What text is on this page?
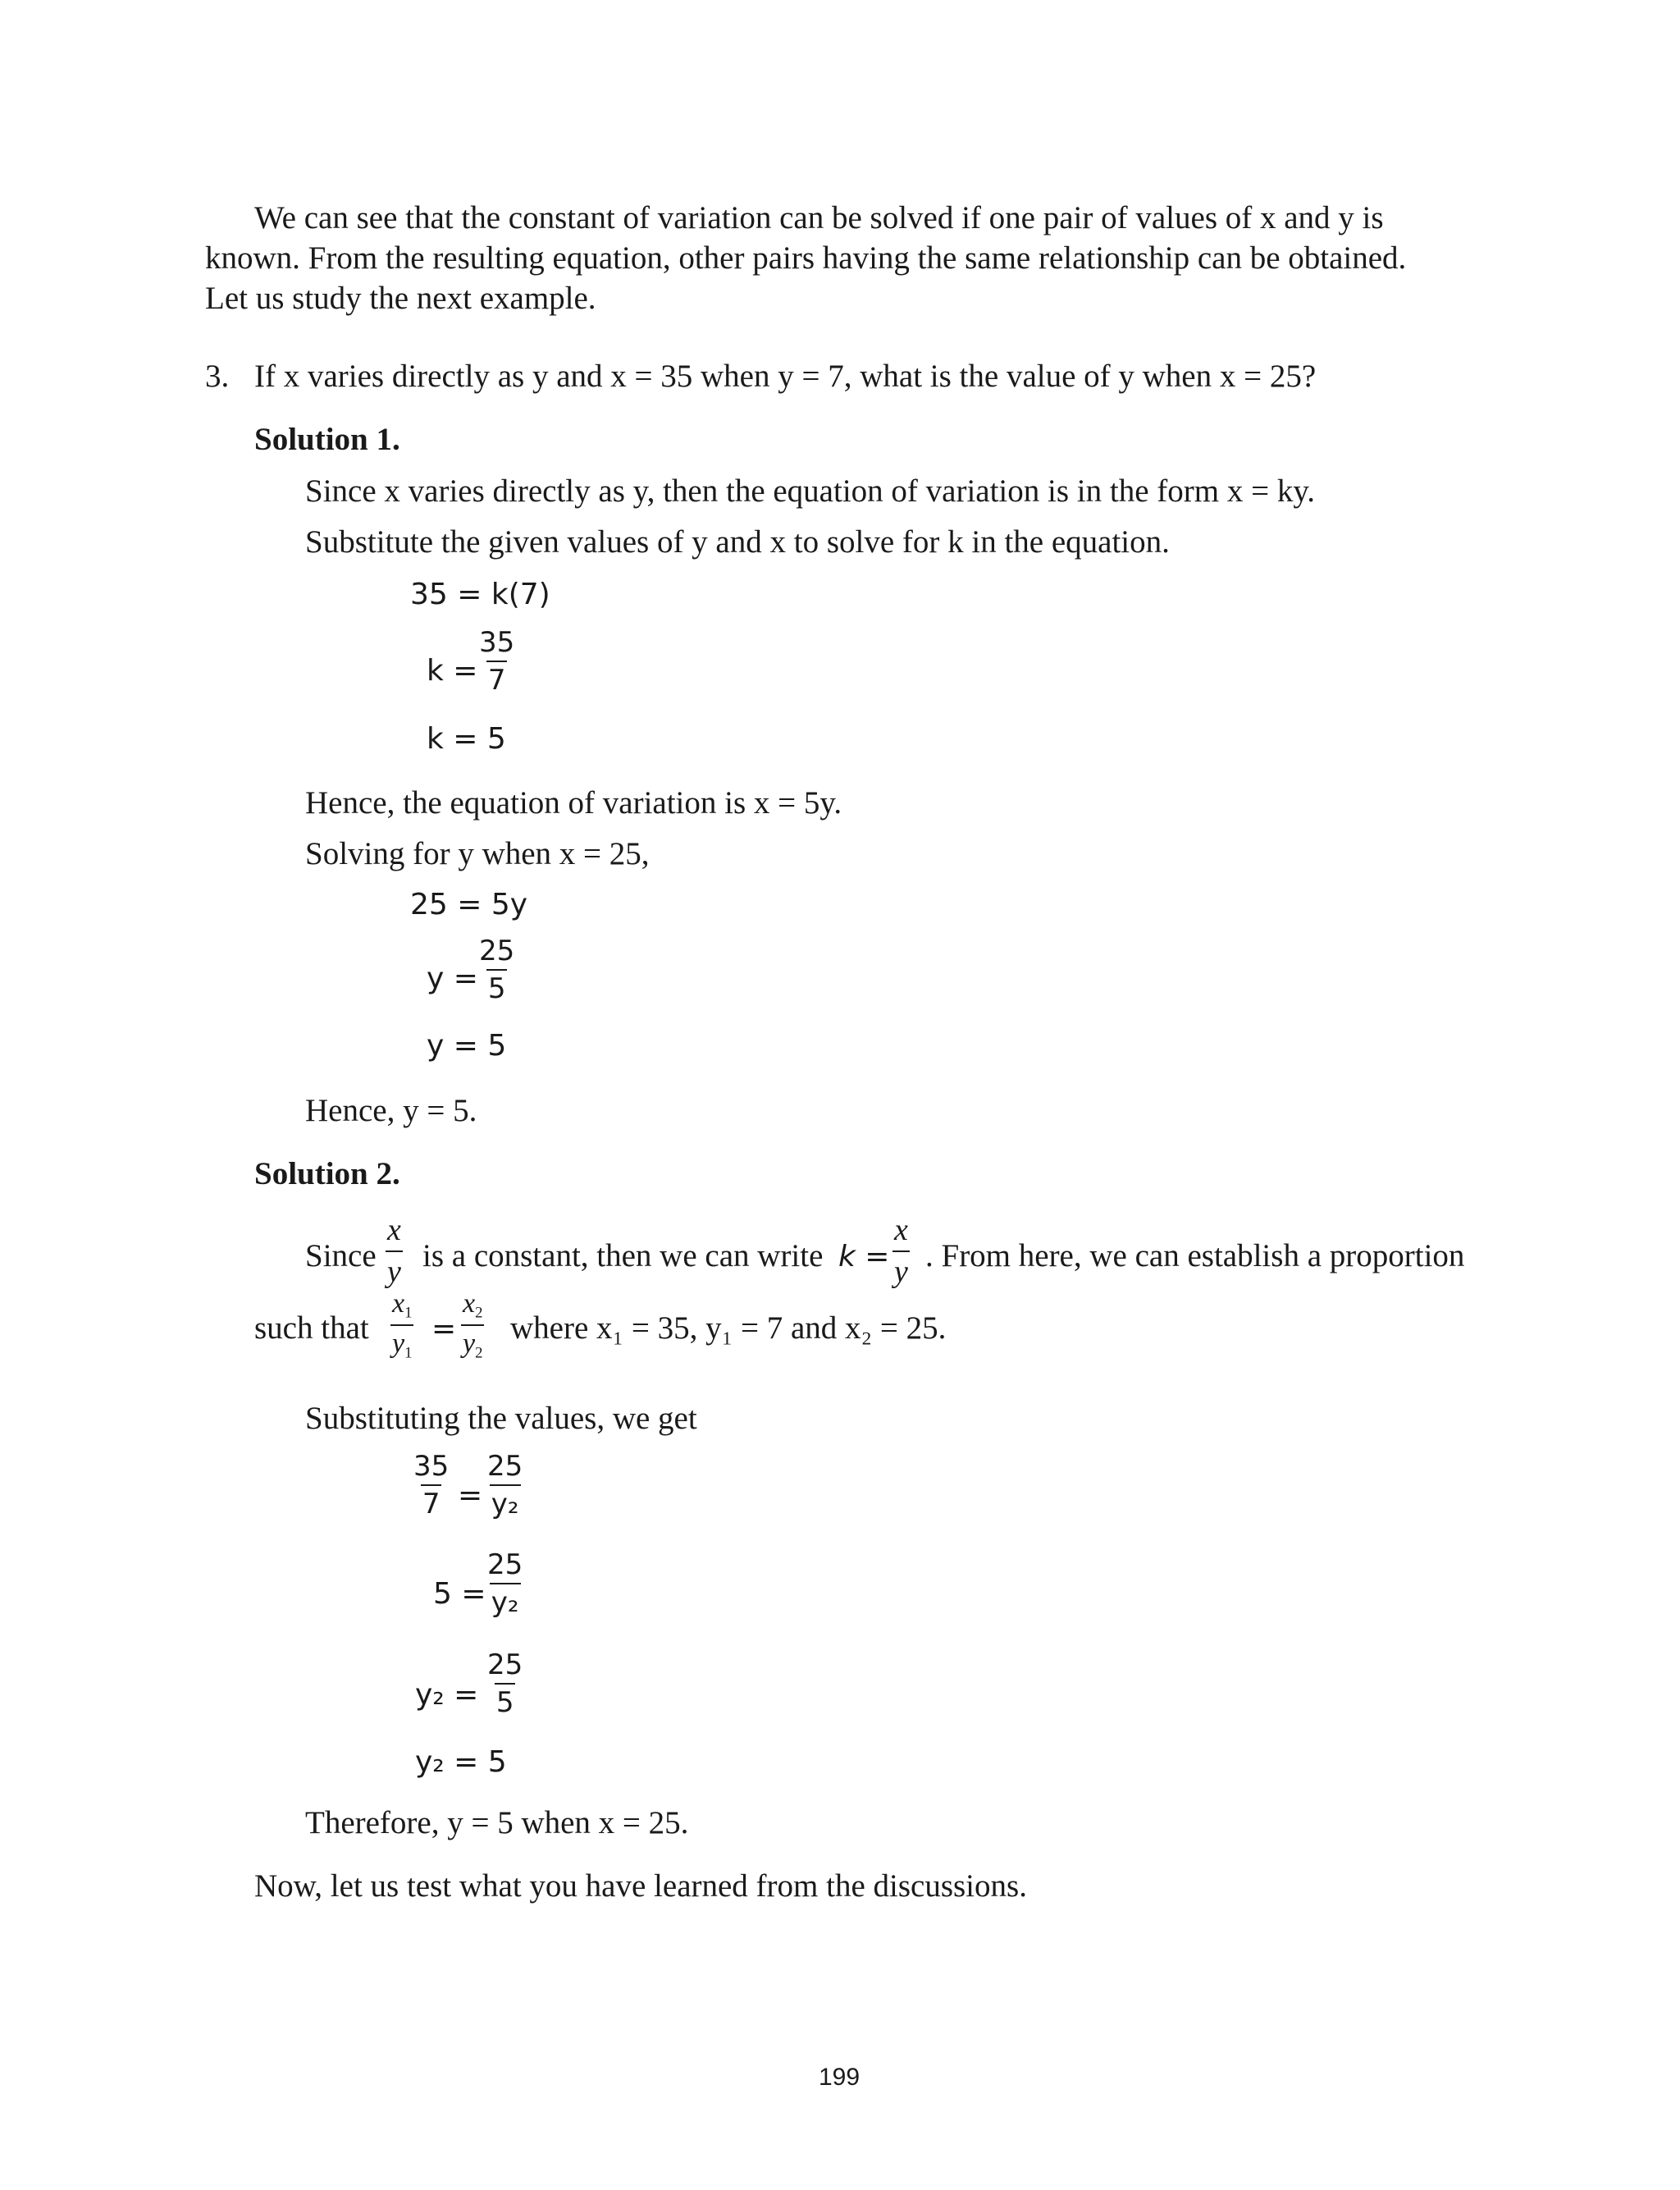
We can see that the constant of variation can be solved if one pair of values of x and y is
known. From the resulting equation, other pairs having the same relationship can be obtained.
Let us study the next example.
3. If x varies directly as y and x = 35 when y = 7, what is the value of y when x = 25?
Solution 1.
Since x varies directly as y, then the equation of variation is in the form x = ky.
Substitute the given values of y and x to solve for k in the equation.
35 = k(7)
$k = \frac{35}{7}$
k = 5
Hence, the equation of variation is x = 5y.
Solving for y when x = 25,
25 = 5y
$y = \frac{25}{5}$
y = 5
Hence, y = 5.
Solution 2.
Since $\frac{x}{y}$ is a constant, then we can write $k = \frac{x}{y}$ . From here, we can establish a proportion
such that $\frac{x_1}{y_1} = \frac{x_2}{y_2}$ where x₁ = 35, y₁ = 7 and x₂ = 25.
Substituting the values, we get
$\frac{35}{7} = \frac{25}{\text{y₂}}$
$5 = \frac{25}{\text{y₂}}$
$y_2 = \frac{25}{5}$
y₂ = 5
Therefore, y = 5 when x = 25.
Now, let us test what you have learned from the discussions.
199
